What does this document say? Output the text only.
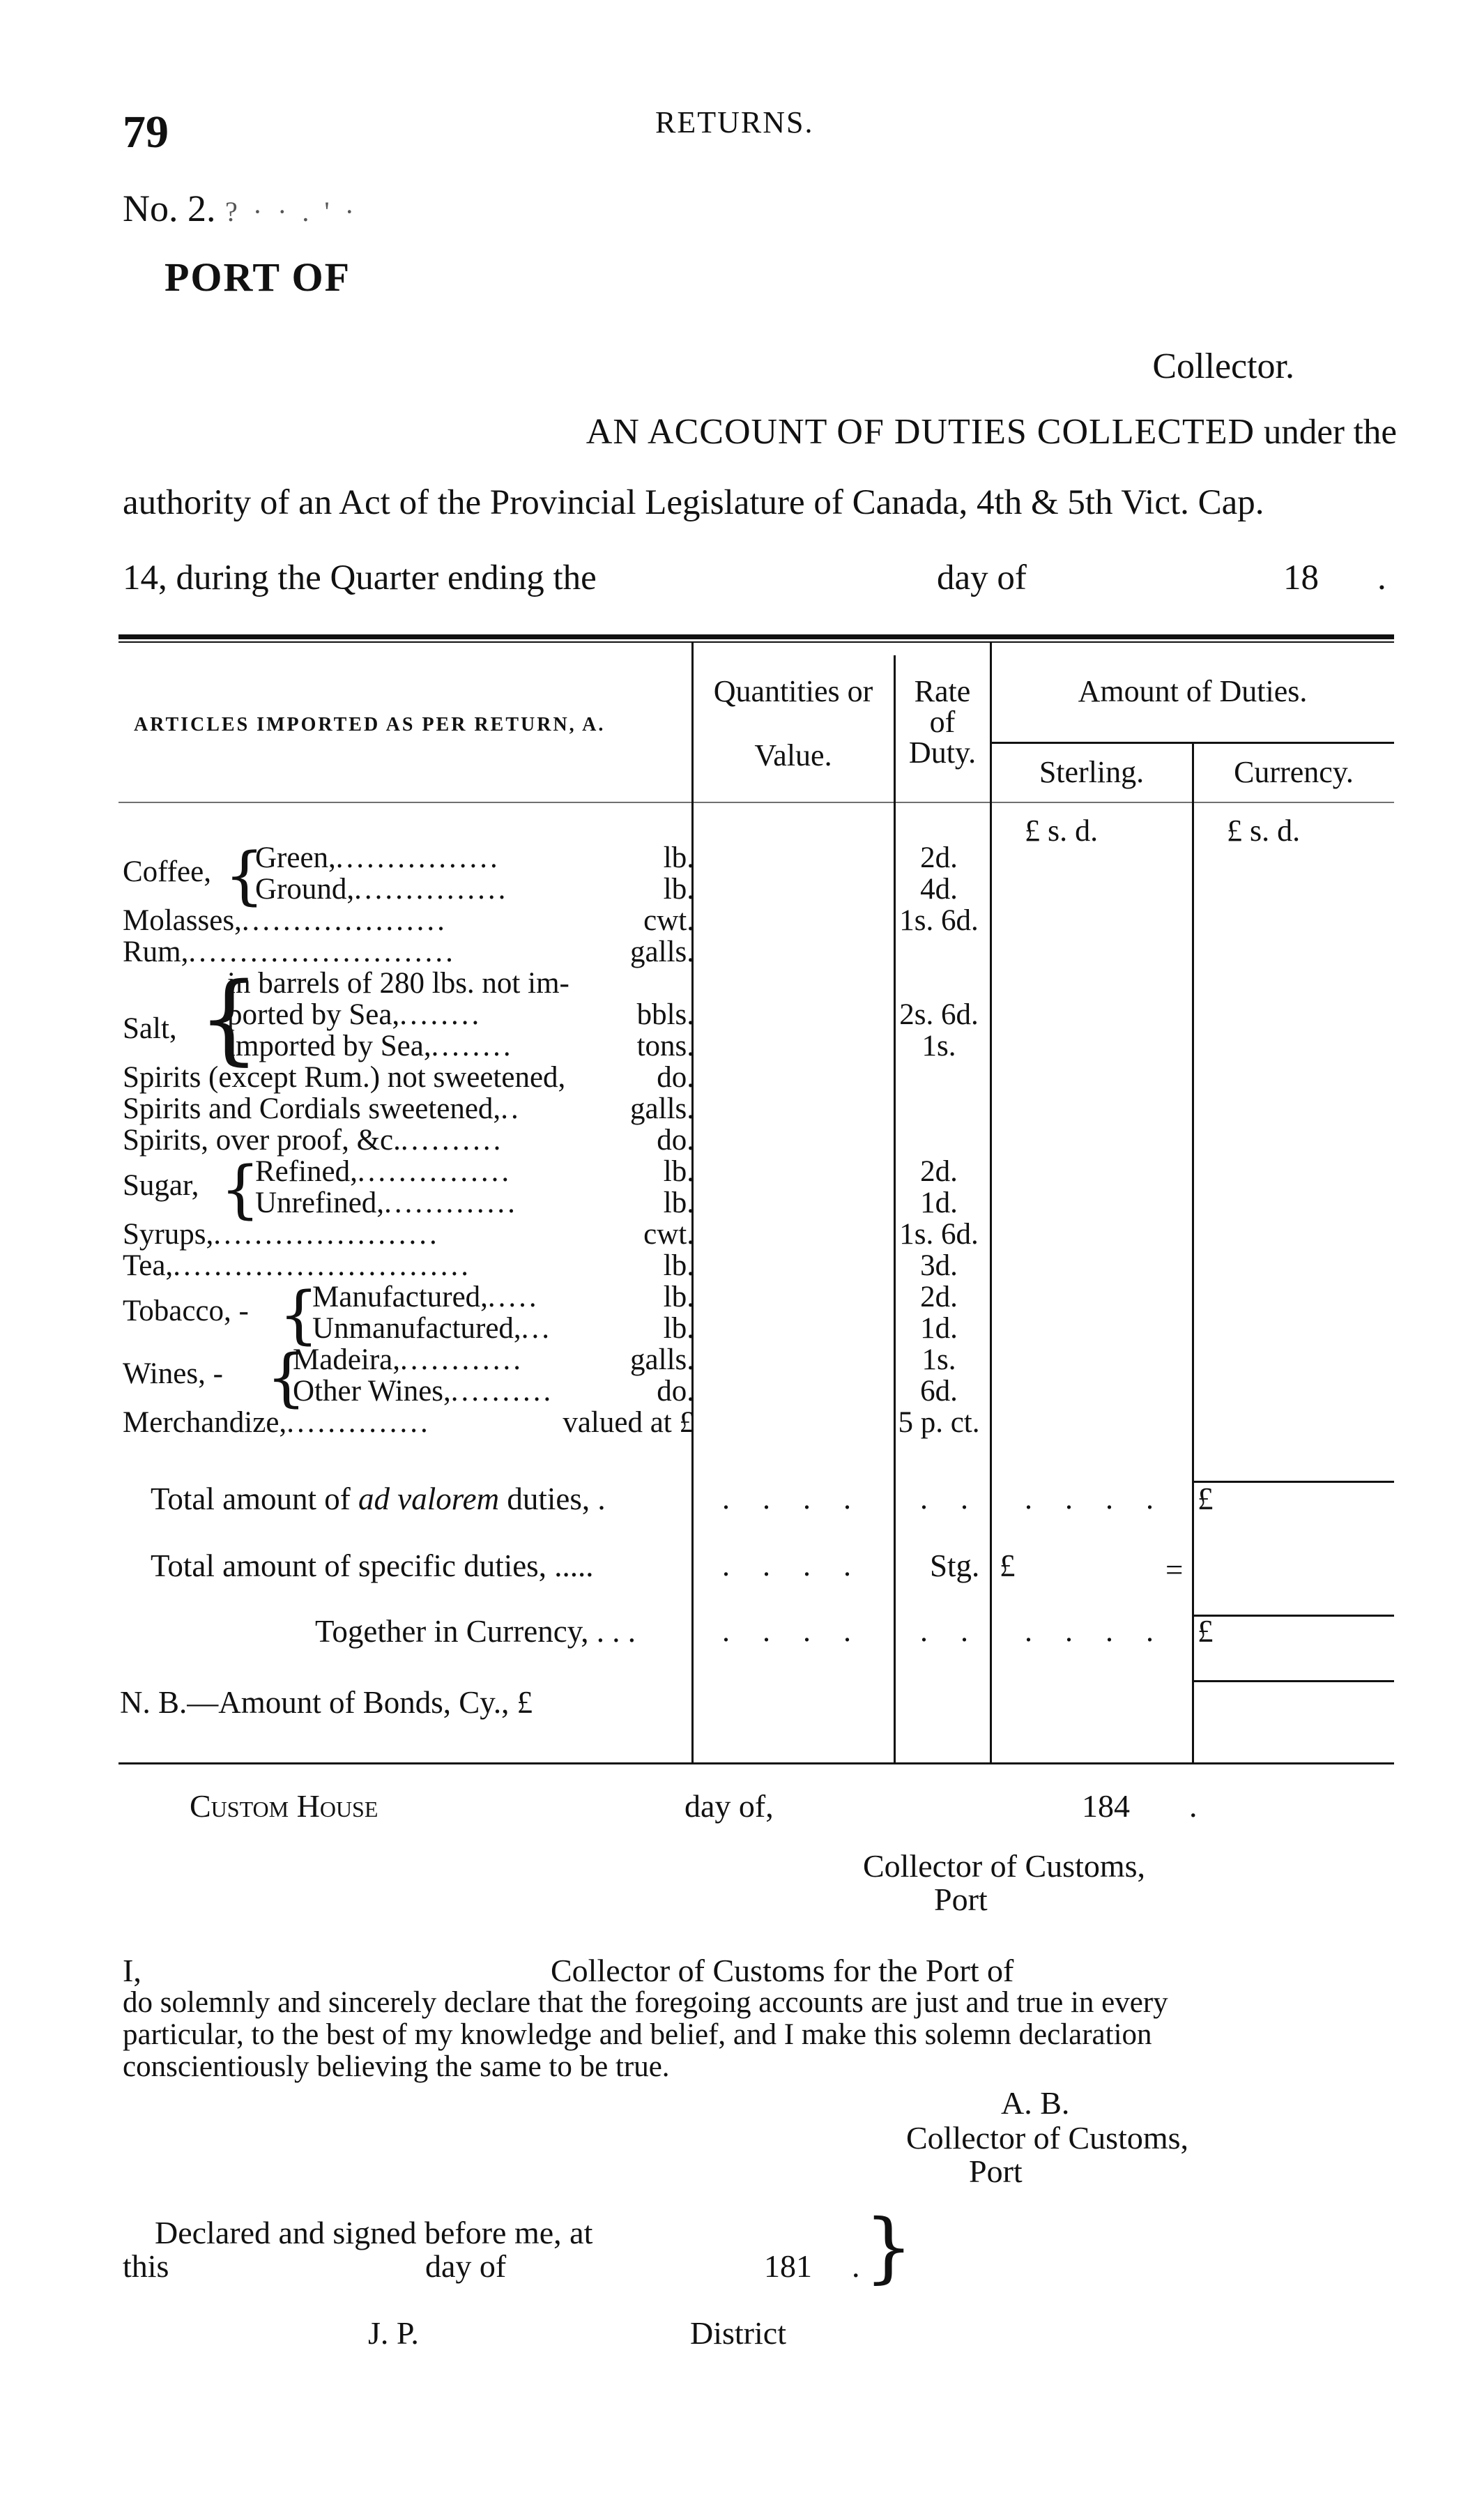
79	RETURNS.
No. 2. ? · · . ' ·
PORT OF
Collector.
AN ACCOUNT OF DUTIES COLLECTED under the
authority of an Act of the Provincial Legislature of Canada, 4th & 5th Vict. Cap.
14, during the Quarter ending the	day of	18 .
ARTICLES IMPORTED AS PER RETURN, A.
Quantities or
Value.
Rate
of
Duty.
Amount of Duties.
Sterling.	Currency.
£ s. d.	£ s. d.
{
{
{
{
{
Coffee,	Green,................	lb.	2d.
Ground,...............	lb.	4d.
Molasses,....................	cwt.	1s. 6d.
Rum,..........................	galls.
in barrels of 280 lbs. not im-
Salt,	ported by Sea,........	bbls.	2s. 6d.
imported by Sea,........	tons.	1s.
Spirits (except Rum.) not sweetened,	do.
Spirits and Cordials sweetened,..	galls.
Spirits, over proof, &c...........	do.
Sugar,	Refined,...............	lb.	2d.
Unrefined,.............	lb.	1d.
Syrups,......................	cwt.	1s. 6d.
Tea,.............................	lb.	3d.
Tobacco, -	Manufactured,.....	lb.	2d.
Unmanufactured,...	lb.	1d.
Wines, -	Madeira,............	galls.	1s.
Other Wines,..........	do.	6d.
Merchandize,..............	valued at £	5 p. ct.
Total amount of ad valorem duties, .	. . . . . . . . . . £
Total amount of specific duties, .....	. . . . Stg. £	=
Together in Currency, . . .	. . . . . . . . . . £
N. B.—Amount of Bonds, Cy., £
Custom House	day of,	184 .
Collector of Customs,
Port
I,	Collector of Customs for the Port of
do solemnly and sincerely declare that the foregoing accounts are just and true in every
particular, to the best of my knowledge and belief, and I make this solemn declaration
conscientiously believing the same to be true.
A. B.
Collector of Customs,
Port
Declared and signed before me, at
this	day of	181 . }
J. P.	District
